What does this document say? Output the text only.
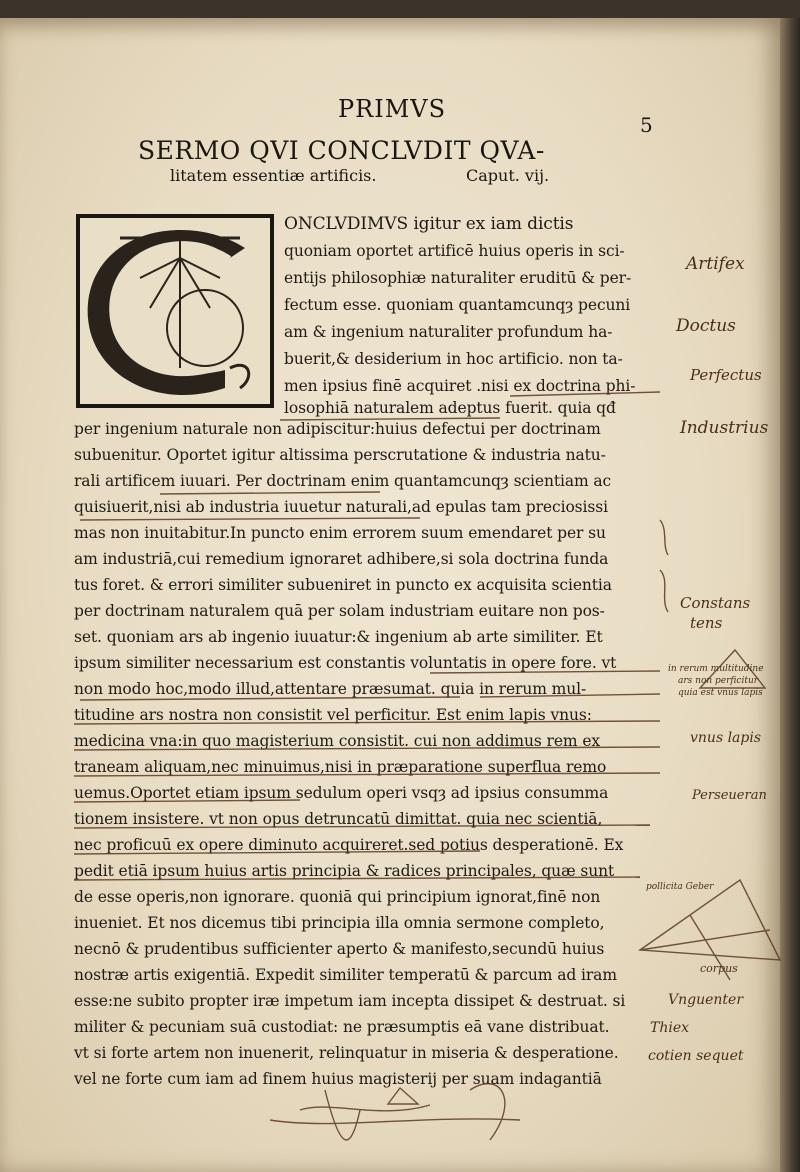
PRIMVS
5
SERMO QVI CONCLVDIT QVA-
litatem essentiæ artificis.	Caput. vij.
ONCLVDIMVS igitur ex iam dictis
quoniam oportet artificē huius operis in sci-
entijs philosophiæ naturaliter eruditū & per-
fectum esse. quoniam quantamcunqȝ pecuni
am & ingenium naturaliter profundum ha-
buerit,& desiderium in hoc artificio. non ta-
men ipsius finē acquiret .nisi ex doctrina phi-
losophiā naturalem adeptus fuerit. quia qđ
per ingenium naturale non adipiscitur:huius defectui per doctrinam
subuenitur. Oportet igitur altissima perscrutatione & industria natu-
rali artificem iuuari. Per doctrinam enim quantamcunqȝ scientiam ac
quisiuerit,nisi ab industria iuuetur naturali,ad epulas tam preciosissi
mas non inuitabitur.In puncto enim errorem suum emendaret per su
am industriā,cui remedium ignoraret adhibere,si sola doctrina funda
tus foret. & errori similiter subueniret in puncto ex acquisita scientia
per doctrinam naturalem quā per solam industriam euitare non pos-
set. quoniam ars ab ingenio iuuatur:& ingenium ab arte similiter. Et
ipsum similiter necessarium est constantis voluntatis in opere fore. vt
non modo hoc,modo illud,attentare præsumat. quia in rerum mul-
titudine ars nostra non consistit vel perficitur. Est enim lapis vnus:
medicina vna:in quo magisterium consistit. cui non addimus rem ex
traneam aliquam,nec minuimus,nisi in præparatione superflua remo
uemus.Oportet etiam ipsum sedulum operi vsqȝ ad ipsius consumma
tionem insistere. vt non opus detruncatū dimittat. quia nec scientiā,
nec proficuū ex opere diminuto acquireret.sed potius desperationē. Ex
pedit etiā ipsum huius artis principia & radices principales, quæ sunt
de esse operis,non ignorare. quoniā qui principium ignorat,finē non
inueniet. Et nos dicemus tibi principia illa omnia sermone completo,
necnō & prudentibus sufficienter aperto & manifesto,secundū huius
nostræ artis exigentiā. Expedit similiter temperatū & parcum ad iram
esse:ne subito propter iræ impetum iam incepta dissipet & destruat. si
militer & pecuniam suā custodiat: ne præsumptis eā vane distribuat.
vt si forte artem non inuenerit, relinquatur in miseria & desperatione.
vel ne forte cum iam ad finem huius magisterij per suam indagantiā
Artifex
Doctus
Perfectus
Industrius
Constans
tens
in rerum multitudine
ars non perficitur
quia est vnus lapis
vnus lapis
Perseueran
pollicita Geber
corpus
Vnguenter
Thiex
cotien sequet
